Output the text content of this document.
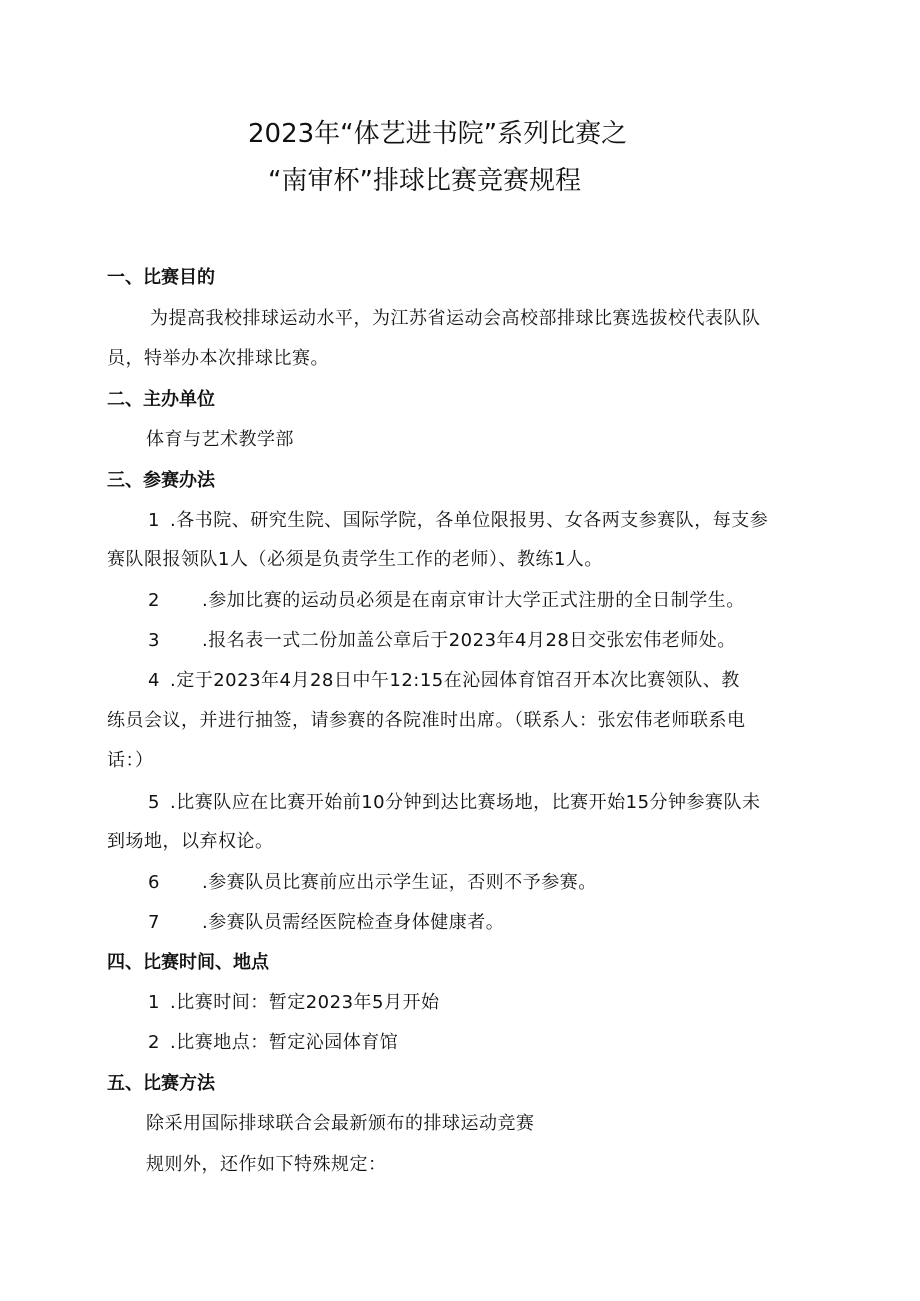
2023年“体艺进书院”系列比赛之
“南审杯”排球比赛竞赛规程
一、比赛目的
为提高我校排球运动水平，为江苏省运动会高校部排球比赛选拔校代表队队
员，特举办本次排球比赛。
二、主办单位
体育与艺术教学部
三、参赛办法
1 .各书院、研究生院、国际学院，各单位限报男、女各两支参赛队，每支参
赛队限报领队1人（必须是负责学生工作的老师）、教练1人。
2 .参加比赛的运动员必须是在南京审计大学正式注册的全日制学生。
3 .报名表一式二份加盖公章后于2023年4月28日交张宏伟老师处。
4 .定于2023年4月28日中午12:15在沁园体育馆召开本次比赛领队、教
练员会议，并进行抽签，请参赛的各院准时出席。（联系人：张宏伟老师联系电
话：）
5 .比赛队应在比赛开始前10分钟到达比赛场地，比赛开始15分钟参赛队未
到场地，以弃权论。
6 .参赛队员比赛前应出示学生证，否则不予参赛。
7 .参赛队员需经医院检查身体健康者。
四、比赛时间、地点
1 .比赛时间：暂定2023年5月开始
2 .比赛地点：暂定沁园体育馆
五、比赛方法
除采用国际排球联合会最新颁布的排球运动竞赛
规则外，还作如下特殊规定：
